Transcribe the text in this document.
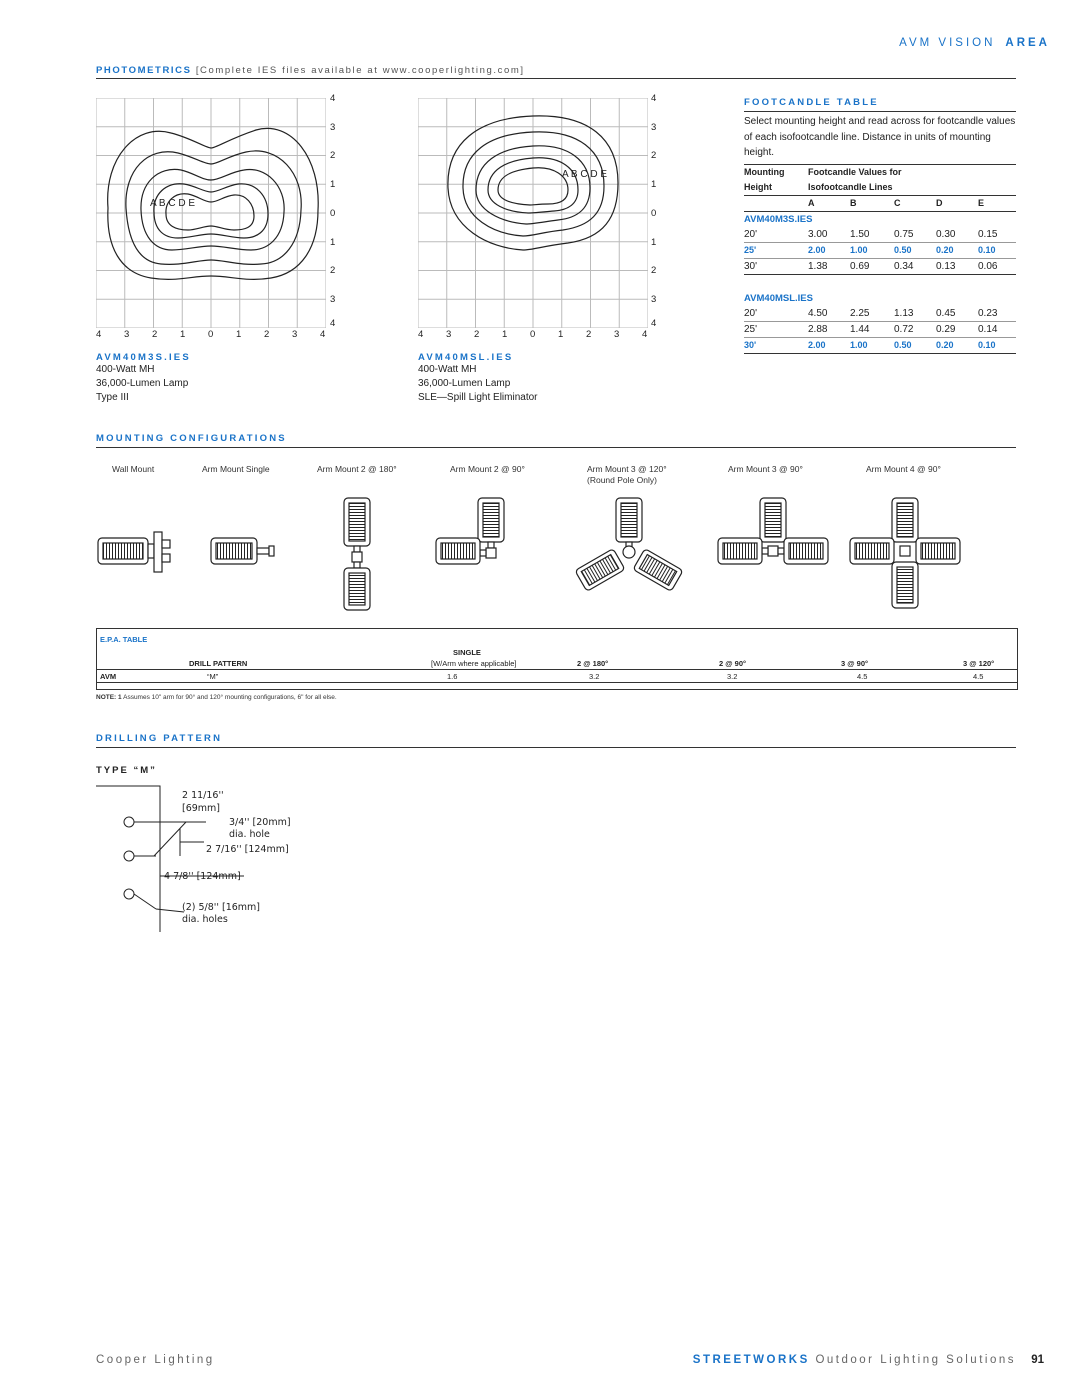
AVM VISION AREA
PHOTOMETRICS [Complete IES files available at www.cooperlighting.com]
A B C D E
4
3
2
1
0
1
2
3
4
4 3 2 1 0 1 2 3 4
AVM40M3S.IES
400-Watt MH
36,000-Lumen Lamp
Type III
A B C D E
4
3
2
1
0
1
2
3
4
4 3 2 1 0 1 2 3 4
AVM40MSL.IES
400-Watt MH
36,000-Lumen Lamp
SLE—Spill Light Eliminator
FOOTCANDLE TABLE
Select mounting height and read across for footcandle values of each isofootcandle line. Distance in units of mounting height.
Mounting	Footcandle Values for				
Height	Isofootcandle Lines				

	A	B	C	D	E

AVM40M3S.IES					
20'	3.00	1.50	0.75	0.30	0.15

25'	2.00	1.00	0.50	0.20	0.10

30'	1.38	0.69	0.34	0.13	0.06

AVM40MSL.IES					
20'	4.50	2.25	1.13	0.45	0.23

25'	2.88	1.44	0.72	0.29	0.14

30'	2.00	1.00	0.50	0.20	0.10

MOUNTING CONFIGURATIONS
Wall Mount	Arm Mount Single	Arm Mount 2 @ 180°	Arm Mount 2 @ 90°	Arm Mount 3 @ 120°
(Round Pole Only)
Arm Mount 3 @ 90°	Arm Mount 4 @ 90°
E.P.A. TABLE
SINGLE
DRILL PATTERN	[W/Arm where applicable]	2 @ 180°	2 @ 90°	3 @ 90°	3 @ 120°
AVM	“M”	1.6	3.2	3.2	4.5	4.5
NOTE: 1 Assumes 10" arm for 90° and 120° mounting configurations, 6" for all else.
DRILLING PATTERN
TYPE “M”
2 11/16''
[69mm]
3/4'' [20mm]
dia. hole
2 7/16'' [124mm]
4 7/8'' [124mm]
(2) 5/8'' [16mm]
dia. holes
Cooper Lighting	STREETWORKS Outdoor Lighting Solutions 91
